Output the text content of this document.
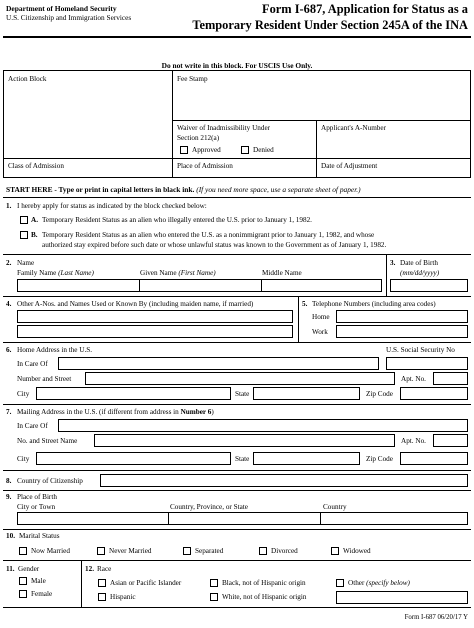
Department of Homeland Security
U.S. Citizenship and Immigration Services
Form I-687, Application for Status as a
Temporary Resident Under Section 245A of the INA
Do not write in this block. For USCIS Use Only.
Action Block	Fee Stamp
Waiver of Inadmissibility Under
Section 212(a)
Approved	Denied
Applicant's A-Number
Class of Admission	Place of Admission	Date of Adjustment
START HERE - Type or print in capital letters in black ink. (If you need more space, use a separate sheet of paper.)
1. I hereby apply for status as indicated by the block checked below:
A. Temporary Resident Status as an alien who illegally entered the U.S. prior to January 1, 1982.
B. Temporary Resident Status as an alien who entered the U.S. as a nonimmigrant prior to January 1, 1982, and whose
authorized stay expired before such date or whose unlawful status was known to the Government as of January 1, 1982.
2. Name
Family Name (Last Name)	Given Name (First Name)	Middle Name
3. Date of Birth
(mm/dd/yyyy)
4. Other A-Nos. and Names Used or Known By (including maiden name, if married)	5. Telephone Numbers (including area codes)
Home
Work
6. Home Address in the U.S.	U.S. Social Security No
In Care Of
Number and Street	Apt. No.
City	State	Zip Code
7. Mailing Address in the U.S. (if different from address in Number 6)
In Care Of
No. and Street Name	Apt. No.
City	State	Zip Code
8. Country of Citizenship
9. Place of Birth
City or Town	Country, Province, or State	Country
10. Marital Status
Now Married	Never Married	Separated	Divorced	Widowed
11. Gender
Male
Female
12. Race
Asian or Pacific Islander
Hispanic
Black, not of Hispanic origin
White, not of Hispanic origin
Other (specify below)
Form I-687 06/20/17 Y
